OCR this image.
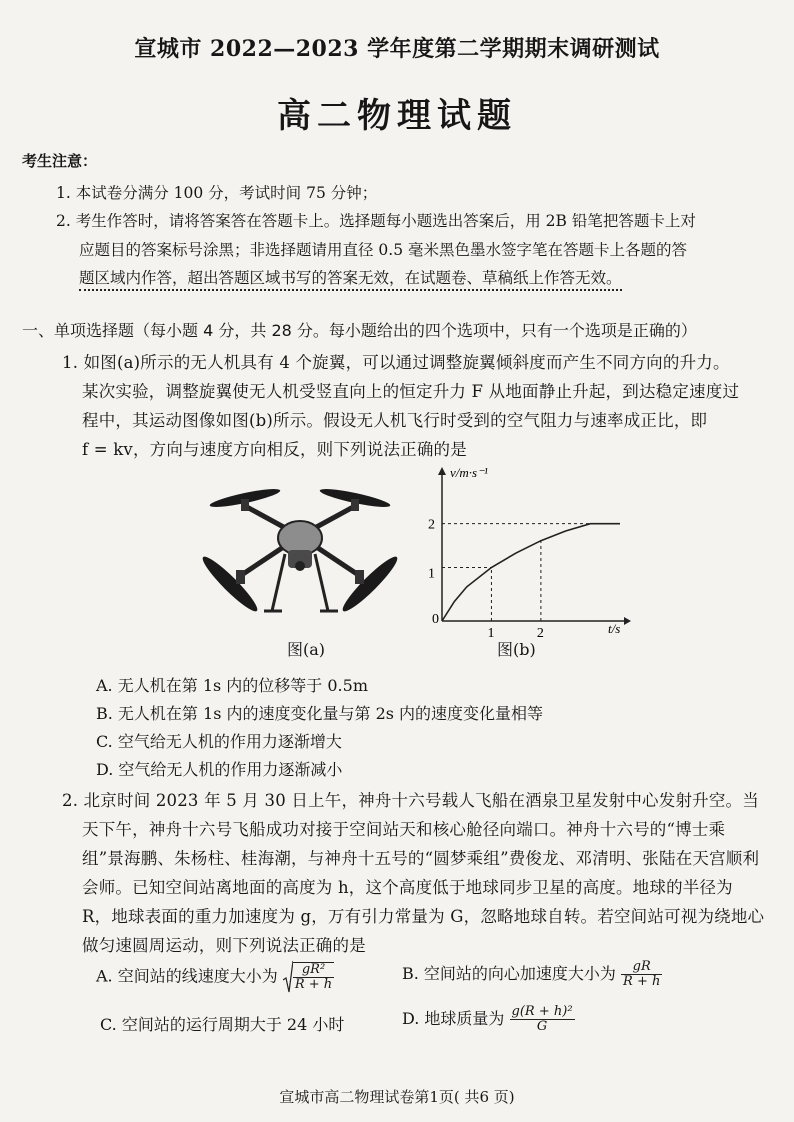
宣城市 2022—2023 学年度第二学期期末调研测试
高二物理试题
考生注意：
1. 本试卷分满分 100 分，考试时间 75 分钟；
2. 考生作答时，请将答案答在答题卡上。选择题每小题选出答案后，用 2B 铅笔把答题卡上对
应题目的答案标号涂黑；非选择题请用直径 0.5 毫米黑色墨水签字笔在答题卡上各题的答
题区域内作答，超出答题区域书写的答案无效，在试题卷、草稿纸上作答无效。
一、单项选择题（每小题 4 分，共 28 分。每小题给出的四个选项中，只有一个选项是正确的）
1. 如图(a)所示的无人机具有 4 个旋翼，可以通过调整旋翼倾斜度而产生不同方向的升力。
某次实验，调整旋翼使无人机受竖直向上的恒定升力 F 从地面静止升起，到达稳定速度过
程中，其运动图像如图(b)所示。假设无人机飞行时受到的空气阻力与速率成正比，即
f = kv，方向与速度方向相反，则下列说法正确的是
图(a)
v/m·s⁻¹
t/s
0
1	2
1
2
图(b)
A. 无人机在第 1s 内的位移等于 0.5m
B. 无人机在第 1s 内的速度变化量与第 2s 内的速度变化量相等
C. 空气给无人机的作用力逐渐增大
D. 空气给无人机的作用力逐渐减小
2. 北京时间 2023 年 5 月 30 日上午，神舟十六号载人飞船在酒泉卫星发射中心发射升空。当
天下午，神舟十六号飞船成功对接于空间站天和核心舱径向端口。神舟十六号的“博士乘
组”景海鹏、朱杨柱、桂海潮，与神舟十五号的“圆梦乘组”费俊龙、邓清明、张陆在天宫顺利
会师。已知空间站离地面的高度为 h，这个高度低于地球同步卫星的高度。地球的半径为
R，地球表面的重力加速度为 g，万有引力常量为 G，忽略地球自转。若空间站可视为绕地心
做匀速圆周运动，则下列说法正确的是
A. 空间站的线速度大小为 $\frac{\text{gR²}}{R + h}$	B. 空间站的向心加速度大小为 $\frac{gR}{R + h}$
C. 空间站的运行周期大于 24 小时	D. 地球质量为 $\frac{\text{g(R + h)²}}{G}$
宣城市高二物理试卷第1页( 共6 页)
